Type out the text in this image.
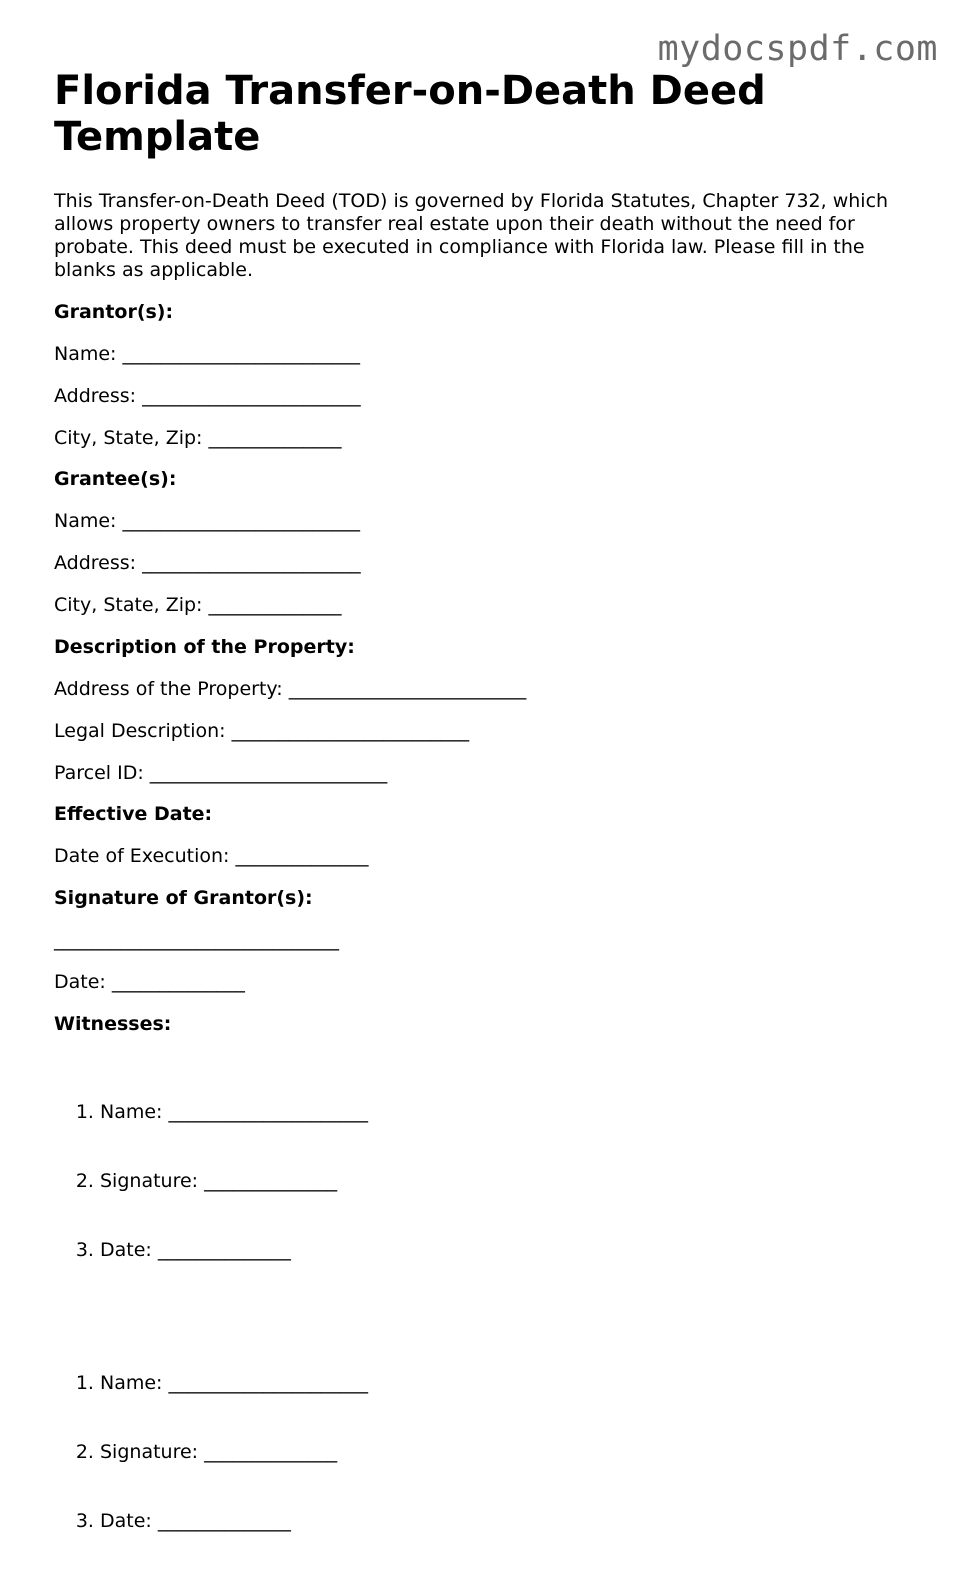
mydocspdf.com
Florida Transfer-on-Death Deed Template

This Transfer-on-Death Deed (TOD) is governed by Florida Statutes, Chapter 732, which allows property owners to transfer real estate upon their death without the need for probate. This deed must be executed in compliance with Florida law. Please fill in the blanks as applicable.

Grantor(s):
Name: _________________________
Address: _______________________
City, State, Zip: ______________
Grantee(s):
Name: _________________________
Address: _______________________
City, State, Zip: ______________
Description of the Property:
Address of the Property: _________________________
Legal Description: _________________________
Parcel ID: _________________________
Effective Date:
Date of Execution: ______________
Signature of Grantor(s):
______________________________
Date: ______________
Witnesses:

1. Name: _____________________

2. Signature: ______________

3. Date: ______________

1. Name: _____________________

2. Signature: ______________

3. Date: ______________
